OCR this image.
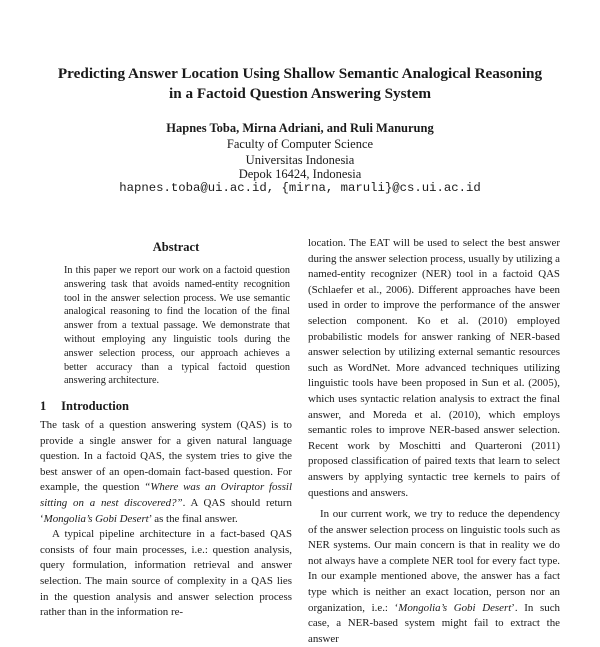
Predicting Answer Location Using Shallow Semantic Analogical Reasoning
in a Factoid Question Answering System
Hapnes Toba, Mirna Adriani, and Ruli Manurung
Faculty of Computer Science
Universitas Indonesia
Depok 16424, Indonesia
hapnes.toba@ui.ac.id, {mirna, maruli}@cs.ui.ac.id
Abstract
In this paper we report our work on a factoid question answering task that avoids named-entity recognition tool in the answer selection process. We use semantic analogical reasoning to find the location of the final answer from a textual passage. We demonstrate that without employing any linguistic tools during the answer selection process, our approach achieves a better accuracy than a typical factoid question answering architecture.
1 Introduction

The task of a question answering system (QAS) is to provide a single answer for a given natural language question. In a factoid QAS, the system tries to give the best answer of an open-domain fact-based question. For example, the question “Where was an Oviraptor fossil sitting on a nest discovered?”. A QAS should return ‘Mongolia’s Gobi Desert’ as the final answer.

A typical pipeline architecture in a fact-based QAS consists of four main processes, i.e.: question analysis, query formulation, information retrieval and answer selection. The main source of complexity in a QAS lies in the question analysis and answer selection process rather than in the information re-

location. The EAT will be used to select the best answer during the answer selection process, usually by utilizing a named-entity recognizer (NER) tool in a factoid QAS (Schlaefer et al., 2006). Different approaches have been used in order to improve the performance of the answer selection component. Ko et al. (2010) employed probabilistic models for answer ranking of NER-based answer selection by utilizing external semantic resources such as WordNet. More advanced techniques utilizing linguistic tools have been proposed in Sun et al. (2005), which uses syntactic relation analysis to extract the final answer, and Moreda et al. (2010), which employs semantic roles to improve NER-based answer selection. Recent work by Moschitti and Quarteroni (2011) proposed classification of paired texts that learn to select answers by applying syntactic tree kernels to pairs of questions and answers.

In our current work, we try to reduce the dependency of the answer selection process on linguistic tools such as NER systems. Our main concern is that in reality we do not always have a complete NER tool for every fact type. In our example mentioned above, the answer has a fact type which is neither an exact location, person nor an organization, i.e.: ‘Mongolia’s Gobi Desert’. In such case, a NER-based system might fail to extract the answer
